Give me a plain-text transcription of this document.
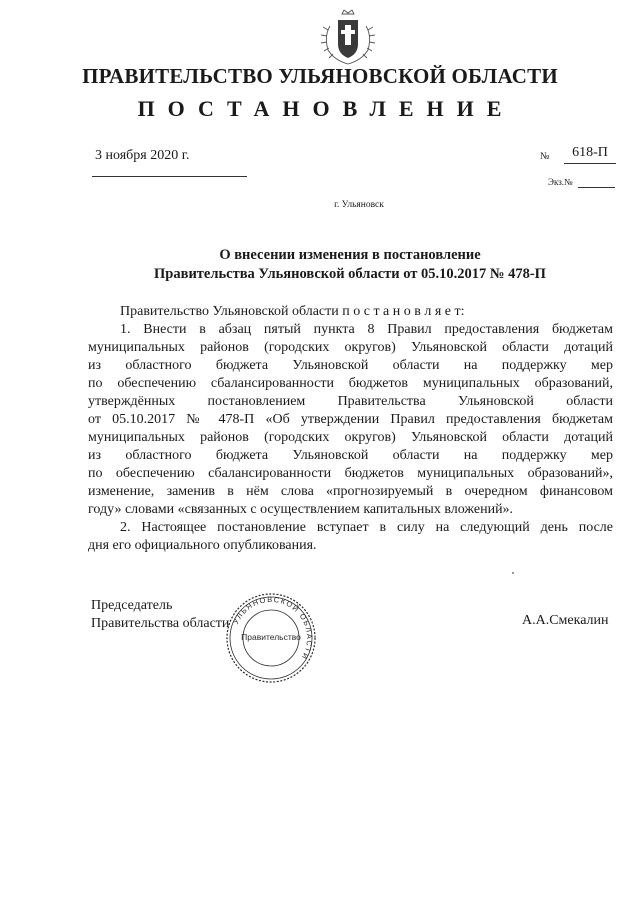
ПРАВИТЕЛЬСТВО УЛЬЯНОВСКОЙ ОБЛАСТИ
ПОСТАНОВЛЕНИЕ
3 ноября 2020 г.	№	618-П
Экз.№
г. Ульяновск
О внесении изменения в постановление
Правительства Ульяновской области от 05.10.2017 № 478-П
Правительство Ульяновской области п о с т а н о в л я е т:
1. Внести в абзац пятый пункта 8 Правил предоставления бюджетам
муниципальных районов (городских округов) Ульяновской области дотаций
из областного бюджета Ульяновской области на поддержку мер
по обеспечению сбалансированности бюджетов муниципальных образований,
утверждённых постановлением Правительства Ульяновской области
от 05.10.2017 № 478-П «Об утверждении Правил предоставления бюджетам
муниципальных районов (городских округов) Ульяновской области дотаций
из областного бюджета Ульяновской области на поддержку мер
по обеспечению сбалансированности бюджетов муниципальных образований»,
изменение, заменив в нём слова «прогнозируемый в очередном финансовом
году» словами «связанных с осуществлением капитальных вложений».
2. Настоящее постановление вступает в силу на следующий день после
дня его официального опубликования.
Председатель
Правительства области	А.А.Смекалин
УЛЬЯНОВСКОЙ ОБЛАСТИ
Правительство
